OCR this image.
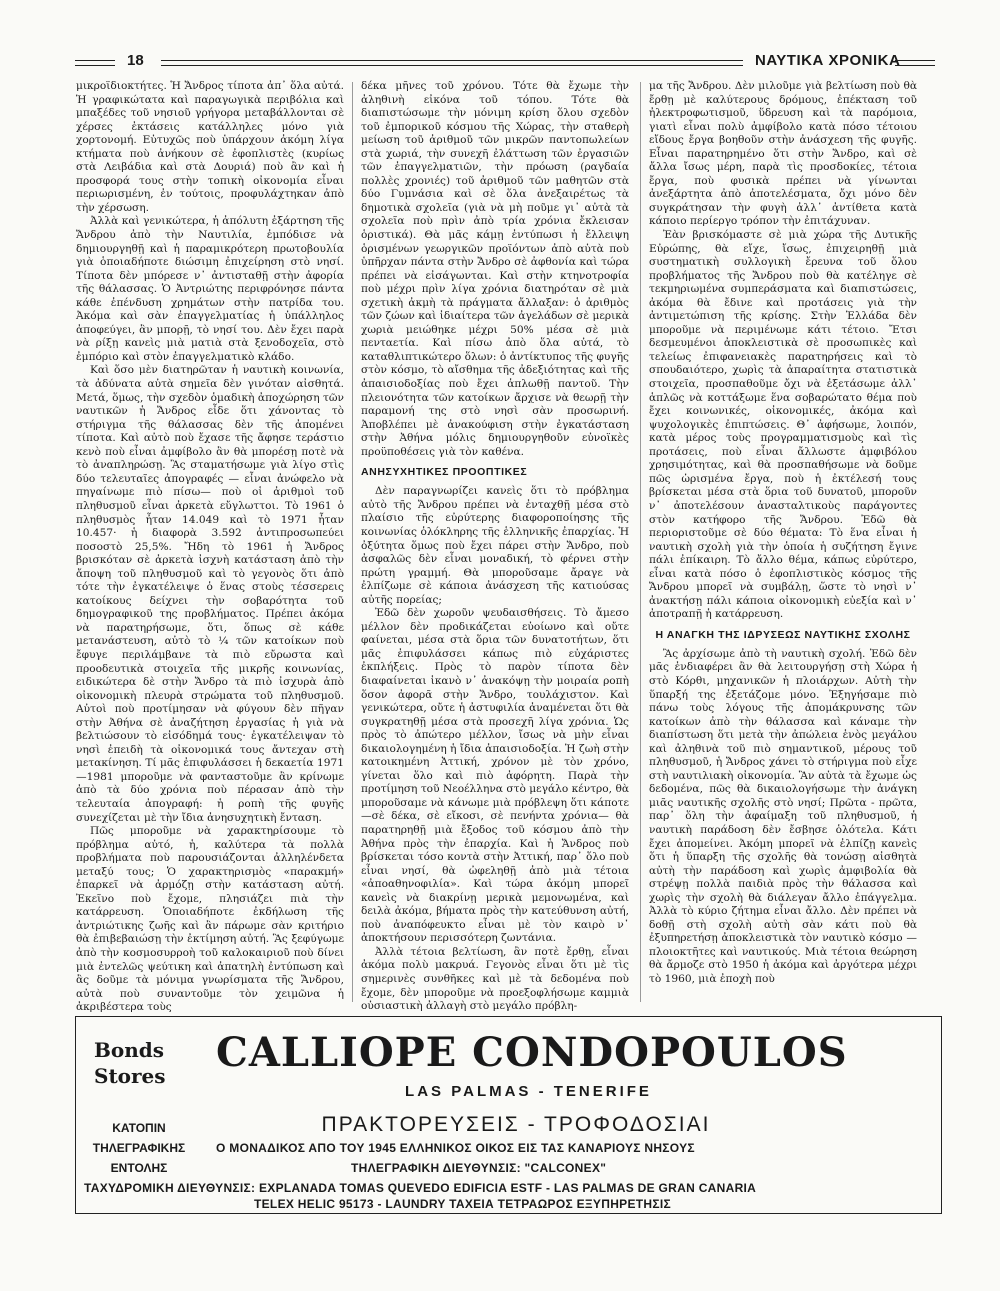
18	ΝΑΥΤΙΚΑ ΧΡΟΝΙΚΑ

μικροϊδιοκτήτες. Ἡ Ἄνδρος τίποτα ἀπ᾿ ὅλα αὐτά. Ἡ γραφικώτατα καὶ παραγωγικὰ περιβόλια καὶ μπαξέδες τοῦ νησιοῦ γρήγορα μεταβάλλονται σὲ χέρσες ἐκτάσεις κατάλληλες μόνο γιὰ χορτονομή. Εὐτυχῶς ποὺ ὑπάρχουν ἀκόμη λίγα κτήματα ποὺ ἀνήκουν σὲ ἐφοπλιστὲς (κυρίως στὰ Λειβάδια καὶ στὰ Δουριά) ποὺ ἂν καὶ ἡ προσφορά τους στὴν τοπικὴ οἰκονομία εἶναι περιωρισμένη, ἐν τούτοις, προφυλάχτηκαν ἀπὸ τὴν χέρσωση.

Ἀλλὰ καὶ γενικώτερα, ἡ ἀπόλυτη ἐξάρτηση τῆς Ἄνδρου ἀπὸ τὴν Ναυτιλία, ἐμπόδισε νὰ δημιουργηθῇ καὶ ἡ παραμικρότερη πρωτοβουλία γιὰ ὁποιαδήποτε διώσιμη ἐπιχείρηση στὸ νησί. Τίποτα δὲν μπόρεσε ν᾿ ἀντισταθῇ στὴν ἀφορία τῆς θάλασσας. Ὁ Ἀντριώτης περιφρόνησε πάντα κάθε ἐπένδυση χρημάτων στὴν πατρίδα του. Ἀκόμα καὶ σὰν ἐπαγγελματίας ἡ ὑπάλληλος ἀποφεύγει, ἂν μπορῇ, τὸ νησί του. Δὲν ἔχει παρὰ νὰ ρίξῃ κανεὶς μιὰ ματιὰ στὰ ξενοδοχεῖα, στὸ ἐμπόριο καὶ στὸν ἐπαγγελματικὸ κλάδο.

Καὶ ὅσο μὲν διατηρῶταν ἡ ναυτικὴ κοινωνία, τὰ ἀδύνατα αὐτὰ σημεῖα δὲν γινόταν αἰσθητά. Μετά, ὅμως, τὴν σχεδὸν ὁμαδικὴ ἀποχώρηση τῶν ναυτικῶν ἡ Ἄνδρος εἶδε ὅτι χάνοντας τὸ στήριγμα τῆς θάλασσας δὲν τῆς ἀπομένει τίποτα. Καὶ αὐτὸ ποὺ ἔχασε τῆς ἄφησε τεράστιο κενὸ ποὺ εἶναι ἀμφίβολο ἂν θὰ μπορέσῃ ποτὲ νὰ τὸ ἀναπληρώσῃ. Ἂς σταματήσωμε γιὰ λίγο στὶς δύο τελευταῖες ἀπογραφές — εἶναι ἀνώφελο νὰ πηγαίνωμε πιὸ πίσω— ποὺ οἱ ἀριθμοὶ τοῦ πληθυσμοῦ εἶναι ἀρκετὰ εὔγλωττοι. Τὸ 1961 ὁ πληθυσμὸς ἦταν 14.049 καὶ τὸ 1971 ἦταν 10.457· ἡ διαφορὰ 3.592 ἀντιπροσωπεύει ποσοστὸ 25,5%. Ἤδη τὸ 1961 ἡ Ἄνδρος βρισκόταν σὲ ἀρκετὰ ἰσχνὴ κατάσταση ἀπὸ τὴν ἄποψη τοῦ πληθυσμοῦ καὶ τὸ γεγονὸς ὅτι ἀπὸ τότε τὴν ἐγκατέλειψε ὁ ἕνας στοὺς τέσσερεις κατοίκους δείχνει τὴν σοβαρότητα τοῦ δημογραφικοῦ της προβλήματος. Πρέπει ἀκόμα νὰ παρατηρήσωμε, ὅτι, ὅπως σὲ κάθε μετανάστευση, αὐτὸ τὸ ¼ τῶν κατοίκων ποὺ ἔφυγε περιλάμβανε τὰ πιὸ εὔρωστα καὶ προοδευτικὰ στοιχεῖα τῆς μικρῆς κοινωνίας, ειδικώτερα δὲ στὴν Ἄνδρο τὰ πιὸ ἰσχυρὰ ἀπὸ οἰκονομικὴ πλευρὰ στρώματα τοῦ πληθυσμοῦ. Αὐτοὶ ποὺ προτίμησαν νὰ φύγουν δὲν πῆγαν στὴν Ἀθήνα σὲ ἀναζήτηση ἐργασίας ἡ γιὰ νὰ βελτιώσουν τὸ εἰσόδημά τους· ἐγκατέλειψαν τὸ νησὶ ἐπειδὴ τὰ οἰκονομικά τους ἄντεχαν στὴ μετακίνηση. Τί μᾶς ἐπιφυλάσσει ἡ δεκαετία 1971—1981 μποροῦμε νὰ φανταστοῦμε ἂν κρίνωμε ἀπὸ τὰ δύο χρόνια ποὺ πέρασαν ἀπὸ τὴν τελευταία ἀπογραφή: ἡ ροπὴ τῆς φυγῆς συνεχίζεται μὲ τὴν ἴδια ἀνησυχητικὴ ἔνταση.

Πῶς μποροῦμε νὰ χαρακτηρίσουμε τὸ πρόβλημα αὐτό, ἡ, καλύτερα τὰ πολλὰ προβλήματα ποὺ παρουσιάζονται ἀλληλένδετα μεταξύ τους; Ὁ χαρακτηρισμὸς «παρακμή» ἐπαρκεῖ νὰ ἀρμόζῃ στὴν κατάσταση αὐτή. Ἐκεῖνο ποὺ ἔχομε, πλησιάζει πιὰ τὴν κατάρρευση. Ὁποιαδήποτε ἐκδήλωση τῆς ἀντριώτικης ζωῆς καὶ ἂν πάρωμε σὰν κριτήριο θὰ ἐπιβεβαιώσῃ τὴν ἐκτίμηση αὐτή. Ἂς ξεφύγωμε ἀπὸ τὴν κοσμοσυρροὴ τοῦ καλοκαιριοῦ ποὺ δίνει μιὰ ἐντελῶς ψεύτικη καὶ ἀπατηλὴ ἐντύπωση καὶ ἂς δοῦμε τὰ μόνιμα γνωρίσματα τῆς Ἄνδρου, αὐτὰ ποὺ συναντοῦμε τὸν χειμῶνα ἡ ἀκριβέστερα τοὺς

δέκα μῆνες τοῦ χρόνου. Τότε θὰ ἔχωμε τὴν ἀληθινὴ εἰκόνα τοῦ τόπου. Τότε θὰ διαπιστώσωμε τὴν μόνιμη κρίση ὅλου σχεδὸν τοῦ ἐμπορικοῦ κόσμου τῆς Χώρας, τὴν σταθερὴ μείωση τοῦ ἀριθμοῦ τῶν μικρῶν παντοπωλείων στὰ χωριά, τὴν συνεχῆ ἐλάττωση τῶν ἐργασιῶν τῶν ἐπαγγελματιῶν, τὴν πρόωση (ραγδαία πολλὲς χρονιές) τοῦ ἀριθμοῦ τῶν μαθητῶν στὰ δύο Γυμνάσια καὶ σὲ ὅλα ἀνεξαιρέτως τὰ δημοτικὰ σχολεῖα (γιὰ νὰ μὴ ποῦμε γι᾿ αὐτὰ τὰ σχολεῖα ποὺ πρὶν ἀπὸ τρία χρόνια ἔκλεισαν ὁριστικά). Θὰ μᾶς κάμῃ ἐντύπωσι ἡ ἔλλειψη ὁρισμένων γεωργικῶν προϊόντων ἀπὸ αὐτὰ ποὺ ὑπῆρχαν πάντα στὴν Ἄνδρο σὲ ἀφθονία καὶ τώρα πρέπει νὰ εἰσάγωνται. Καὶ στὴν κτηνοτροφία ποὺ μέχρι πρὶν λίγα χρόνια διατηρόταν σὲ μιὰ σχετικὴ ἀκμὴ τὰ πράγματα ἄλλαξαν: ὁ ἀριθμὸς τῶν ζώων καὶ ἰδιαίτερα τῶν ἀγελάδων σὲ μερικὰ χωριὰ μειώθηκε μέχρι 50% μέσα σὲ μιὰ πενταετία. Καὶ πίσω ἀπὸ ὅλα αὐτά, τὸ καταθλιπτικώτερο ὅλων: ὁ ἀντίκτυπος τῆς φυγῆς στὸν κόσμο, τὸ αἴσθημα τῆς ἀδεξιότητας καὶ τῆς ἀπαισιοδοξίας ποὺ ἔχει ἁπλωθῇ παντοῦ. Τὴν πλειονότητα τῶν κατοίκων ἄρχισε νὰ θεωρῇ τὴν παραμονή της στὸ νησὶ σὰν προσωρινή. Ἀποβλέπει μὲ ἀνακούφιση στὴν ἐγκατάσταση στὴν Ἀθήνα μόλις δημιουργηθοῦν εὐνοϊκὲς προϋποθέσεις γιὰ τὸν καθένα.

ΑΝΗΣΥΧΗΤΙΚΕΣ ΠΡΟΟΠΤΙΚΕΣ

Δὲν παραγνωρίζει κανεὶς ὅτι τὸ πρόβλημα αὐτὸ τῆς Ἄνδρου πρέπει νὰ ἐνταχθῇ μέσα στὸ πλαίσιο τῆς εὐρύτερης διαφοροποίησης τῆς κοινωνίας ὁλόκληρης τῆς ἑλληνικῆς ἐπαρχίας. Ἡ ὀξύτητα ὅμως ποὺ ἔχει πάρει στὴν Ἄνδρο, ποὺ ἀσφαλῶς δὲν εἶναι μοναδική, τὸ φέρνει στὴν πρώτη γραμμή. Θὰ μποροῦσαμε ἄραγε νὰ ἐλπίζωμε σὲ κάποια ἀνάσχεση τῆς κατιούσας αὐτῆς πορείας;

Ἐδῶ δὲν χωροῦν ψευδαισθήσεις. Τὸ ἄμεσο μέλλον δὲν προδικάζεται εὐοίωνο καὶ οὔτε φαίνεται, μέσα στὰ ὅρια τῶν δυνατοτήτων, ὅτι μᾶς ἐπιφυλάσσει κάπως πιὸ εὐχάριστες ἐκπλήξεις. Πρὸς τὸ παρὸν τίποτα δὲν διαφαίνεται ἱκανὸ ν᾿ ἀνακόψῃ τὴν μοιραία ροπὴ ὅσον ἀφορᾶ στὴν Ἄνδρο, τουλάχιστον. Καὶ γενικώτερα, οὔτε ἡ ἀστυφιλία ἀναμένεται ὅτι θὰ συγκρατηθῇ μέσα στὰ προσεχῆ λίγα χρόνια. Ὡς πρὸς τὸ ἀπώτερο μέλλον, ἴσως νὰ μὴν εἶναι δικαιολογημένη ἡ ἴδια ἀπαισιοδοξία. Ἡ ζωὴ στὴν κατοικημένη Ἀττική, χρόνον μὲ τὸν χρόνο, γίνεται ὅλο καὶ πιὸ ἀφόρητη. Παρὰ τὴν προτίμηση τοῦ Νεοέλληνα στὸ μεγάλο κέντρο, θὰ μποροῦσαμε νὰ κάνωμε μιὰ πρόβλεψη ὅτι κάποτε —σὲ δέκα, σὲ εἴκοσι, σὲ πενήντα χρόνια— θὰ παρατηρηθῇ μιὰ ἔξοδος τοῦ κόσμου ἀπὸ τὴν Ἀθήνα πρὸς τὴν ἐπαρχία. Καὶ ἡ Ἄνδρος ποὺ βρίσκεται τόσο κοντὰ στὴν Ἀττική, παρ᾿ ὅλο ποὺ εἶναι νησί, θὰ ὠφεληθῇ ἀπὸ μιὰ τέτοια «ἀποαθηνοφιλία». Καὶ τώρα ἀκόμη μπορεῖ κανεὶς νὰ διακρίνῃ μερικὰ μεμονωμένα, καὶ δειλὰ ἀκόμα, βήματα πρὸς τὴν κατεύθυνση αὐτή, ποὺ ἀναπόφευκτο εἶναι μὲ τὸν καιρὸ ν᾿ ἀποκτήσουν περισσότερη ζωντάνια.

Ἀλλὰ τέτοια βελτίωση, ἂν ποτὲ ἔρθῃ, εἶναι ἀκόμα πολὺ μακρυά. Γεγονὸς εἶναι ὅτι μὲ τὶς σημερινὲς συνθῆκες καὶ μὲ τὰ δεδομένα ποὺ ἔχομε, δὲν μποροῦμε νὰ προεξοφλήσωμε καμμιὰ οὐσιαστικὴ ἀλλαγὴ στὸ μεγάλο πρόβλη-

μα τῆς Ἄνδρου. Δὲν μιλοῦμε γιὰ βελτίωση ποὺ θὰ ἔρθῃ μὲ καλύτερους δρόμους, ἐπέκταση τοῦ ἠλεκτροφωτισμοῦ, ὕδρευση καὶ τὰ παρόμοια, γιατὶ εἶναι πολὺ ἀμφίβολο κατὰ πόσο τέτοιου εἴδους ἔργα βοηθοῦν στὴν ἀνάσχεση τῆς φυγῆς. Εἶναι παρατηρημένο ὅτι στὴν Ἄνδρο, καὶ σὲ ἄλλα ἴσως μέρη, παρὰ τὶς προσδοκίες, τέτοια ἔργα, ποὺ φυσικὰ πρέπει νὰ γίνωνται ἀνεξάρτητα ἀπὸ ἀποτελέσματα, ὄχι μόνο δὲν συγκράτησαν τὴν φυγὴ ἀλλ᾿ ἀντίθετα κατὰ κάποιο περίεργο τρόπον τὴν ἐπιτάχυναν.

Ἐὰν βρισκόμαστε σὲ μιὰ χώρα τῆς Δυτικῆς Εὐρώπης, θὰ εἴχε, ἴσως, ἐπιχειρηθῇ μιὰ συστηματικὴ συλλογικὴ ἔρευνα τοῦ ὅλου προβλήματος τῆς Ἄνδρου ποὺ θὰ κατέληγε σὲ τεκμηριωμένα συμπεράσματα καὶ διαπιστώσεις, ἀκόμα θὰ ἔδινε καὶ προτάσεις γιὰ τὴν ἀντιμετώπιση τῆς κρίσης. Στὴν Ἑλλάδα δὲν μποροῦμε νὰ περιμένωμε κάτι τέτοιο. Ἔτσι δεσμευμένοι ἀποκλειστικὰ σὲ προσωπικὲς καὶ τελείως ἐπιφανειακὲς παρατηρήσεις καὶ τὸ σπουδαιότερο, χωρὶς τὰ ἀπαραίτητα στατιστικὰ στοιχεῖα, προσπαθοῦμε ὄχι νὰ ἐξετάσωμε ἀλλ᾿ ἁπλῶς νὰ κοττάξωμε ἕνα σοβαρώτατο θέμα ποὺ ἔχει κοινωνικές, οἰκονομικές, ἀκόμα καὶ ψυχολογικὲς ἐπιπτώσεις. Θ᾿ ἀφήσωμε, λοιπόν, κατὰ μέρος τοὺς προγραμματισμοὺς καὶ τὶς προτάσεις, ποὺ εἶναι ἄλλωστε ἀμφιβόλου χρησιμότητας, καὶ θὰ προσπαθήσωμε νὰ δοῦμε πῶς ὡρισμένα ἔργα, ποὺ ἡ ἐκτέλεσή τους βρίσκεται μέσα στὰ ὅρια τοῦ δυνατοῦ, μποροῦν ν᾿ ἀποτελέσουν ἀνασταλτικοὺς παράγοντες στὸν κατήφορο τῆς Ἄνδρου. Ἐδῶ θὰ περιοριστοῦμε σὲ δύο θέματα: Τὸ ἕνα εἶναι ἡ ναυτικὴ σχολὴ γιὰ τὴν ὁποία ἡ συζήτηση ἔγινε πάλι ἐπίκαιρη. Τὸ ἄλλο θέμα, κάπως εὐρύτερο, εἶναι κατὰ πόσο ὁ ἐφοπλιστικὸς κόσμος τῆς Ἄνδρου μπορεῖ νὰ συμβάλῃ, ὥστε τὸ νησὶ ν᾿ ἀνακτήσῃ πάλι κάποια οἰκονομικὴ εὐεξία καὶ ν᾿ ἀποτραπῇ ἡ κατάρρευση.

Η ΑΝΑΓΚΗ ΤΗΣ ΙΔΡΥΣΕΩΣ ΝΑΥΤΙΚΗΣ ΣΧΟΛΗΣ

Ἂς ἀρχίσωμε ἀπὸ τὴ ναυτικὴ σχολή. Ἐδῶ δὲν μᾶς ἐνδιαφέρει ἂν θὰ λειτουργήσῃ στὴ Χώρα ἡ στὸ Κόρθι, μηχανικῶν ἡ πλοιάρχων. Αὐτὴ τὴν ὕπαρξή της ἐξετάζομε μόνο. Ἐξηγήσαμε πιὸ πάνω τοὺς λόγους τῆς ἀπομάκρυνσης τῶν κατοίκων ἀπὸ τὴν θάλασσα καὶ κάναμε τὴν διαπίστωση ὅτι μετὰ τὴν ἀπώλεια ἑνὸς μεγάλου καὶ ἀληθινὰ τοῦ πιὸ σημαντικοῦ, μέρους τοῦ πληθυσμοῦ, ἡ Ἄνδρος χάνει τὸ στήριγμα ποὺ εἶχε στὴ ναυτιλιακὴ οἰκονομία. Ἂν αὐτὰ τὰ ἔχωμε ὡς δεδομένα, πῶς θὰ δικαιολογήσωμε τὴν ἀνάγκη μιᾶς ναυτικῆς σχολῆς στὸ νησί; Πρῶτα - πρῶτα, παρ᾿ ὅλη τὴν ἀφαίμαξη τοῦ πληθυσμοῦ, ἡ ναυτικὴ παράδοση δὲν ἔσβησε ὁλότελα. Κάτι ἔχει ἀπομείνει. Ἀκόμη μπορεῖ νὰ ἐλπίζῃ κανεὶς ὅτι ἡ ὕπαρξη τῆς σχολῆς θὰ τονώσῃ αἰσθητὰ αὐτὴ τὴν παράδοση καὶ χωρὶς ἀμφιβολία θὰ στρέψῃ πολλὰ παιδιὰ πρὸς τὴν θάλασσα καὶ χωρὶς τὴν σχολὴ θὰ διάλεγαν ἄλλο ἐπάγγελμα. Ἀλλὰ τὸ κύριο ζήτημα εἶναι ἄλλο. Δὲν πρέπει νὰ δοθῇ στὴ σχολὴ αὐτὴ σὰν κάτι ποὺ θὰ ἐξυπηρετήσῃ ἀποκλειστικὰ τὸν ναυτικὸ κόσμο — πλοιοκτῆτες καὶ ναυτικούς. Μιὰ τέτοια θεώρηση θὰ ἄρμοζε στὸ 1950 ἡ ἀκόμα καὶ ἀργότερα μέχρι τὸ 1960, μιὰ ἐποχὴ ποὺ

Bonds
Stores CALLIOPE CONDOPOULOS
LAS PALMAS - TENERIFE
ΠΡΑΚΤΟΡΕΥΣΕΙΣ - ΤΡΟΦΟΔΟΣΙΑΙ
ΚΑΤΟΠΙΝ
ΤΗΛΕΓΡΑΦΙΚΗΣ
ΕΝΤΟΛΗΣ
Ο ΜΟΝΑΔΙΚΟΣ ΑΠΟ ΤΟΥ 1945 ΕΛΛΗΝΙΚΟΣ ΟΙΚΟΣ ΕΙΣ ΤΑΣ ΚΑΝΑΡΙΟΥΣ ΝΗΣΟΥΣ
ΤΗΛΕΓΡΑΦΙΚΗ ΔΙΕΥΘΥΝΣΙΣ: "CALCONEX"
ΤΑΧΥΔΡΟΜΙΚΗ ΔΙΕΥΘΥΝΣΙΣ: EXPLANADA TOMAS QUEVEDO EDIFICIA ESTF - LAS PALMAS DE GRAN CANARIA
TELEX HELIC 95173 - LAUNDRY ΤΑΧΕΙΑ ΤΕΤΡΑΩΡΟΣ ΕΞΥΠΗΡΕΤΗΣΙΣ
